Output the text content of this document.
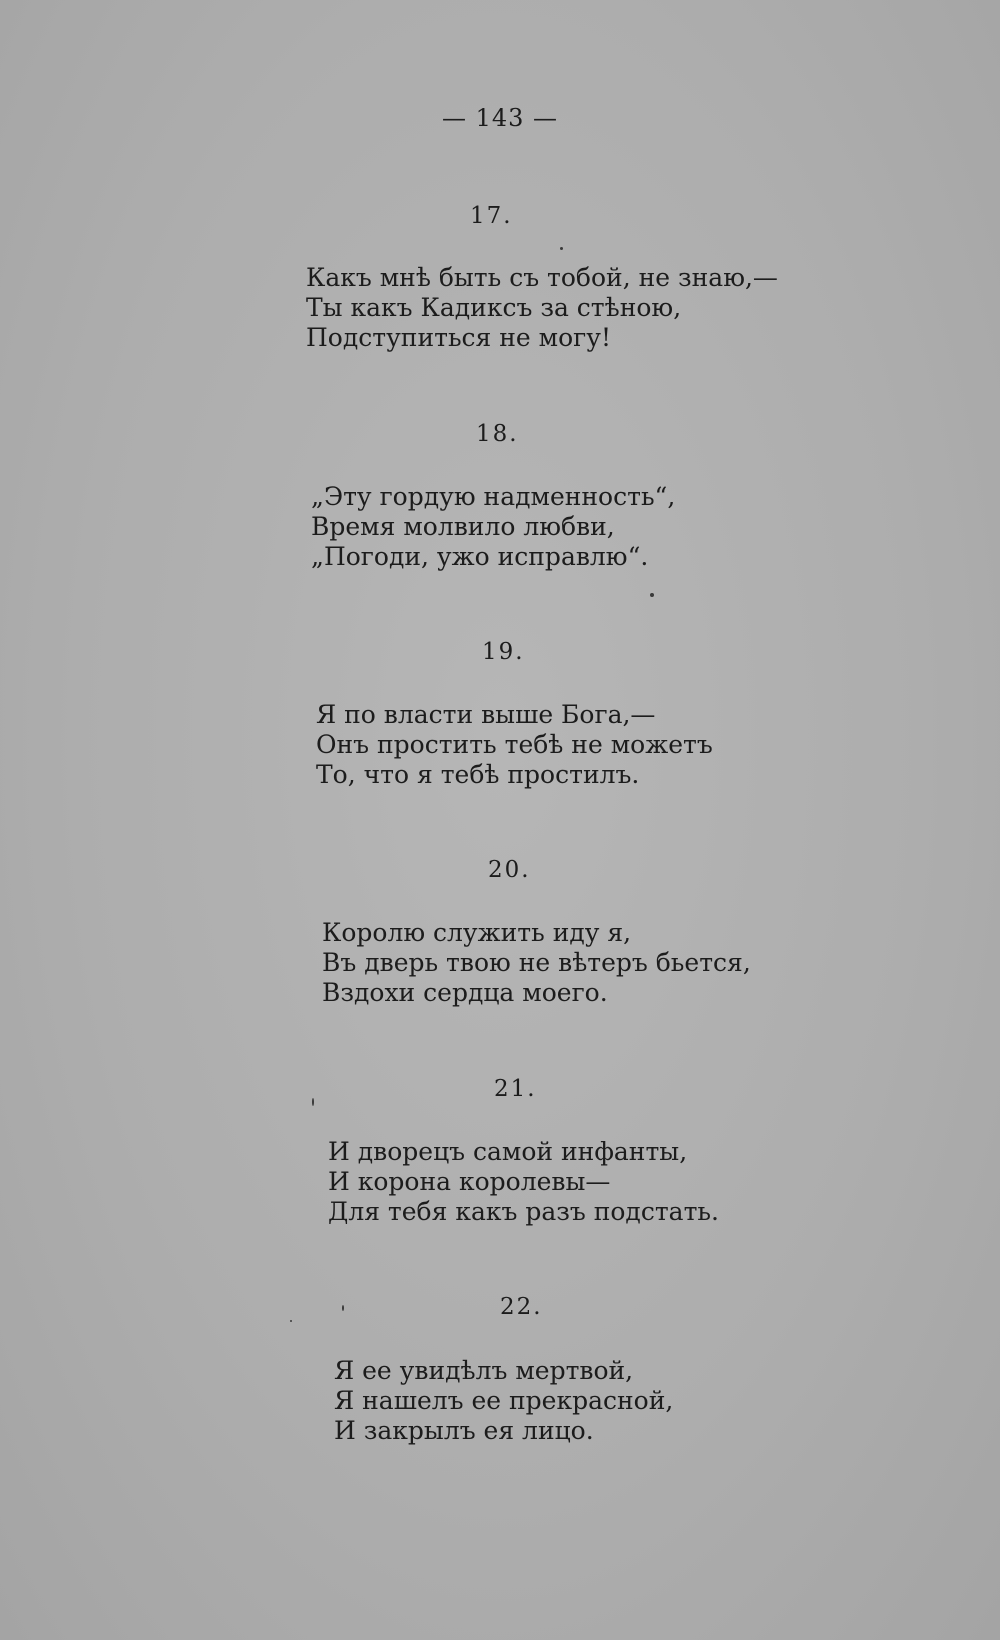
— 143 —
17.
Какъ мнѣ быть съ тобой, не знаю,—
Ты какъ Кадиксъ за стѣною,
Подступиться не могу!
18.
„Эту гордую надменность“,
Время молвило любви,
„Погоди, ужо исправлю“.
19.
Я по власти выше Бога,—
Онъ простить тебѣ не можетъ
То, что я тебѣ простилъ.
20.
Королю служить иду я,
Въ дверь твою не вѣтеръ бьется,
Вздохи сердца моего.
21.
И дворецъ самой инфанты,
И корона королевы—
Для тебя какъ разъ подстать.
22.
Я ее увидѣлъ мертвой,
Я нашелъ ее прекрасной,
И закрылъ ея лицо.
